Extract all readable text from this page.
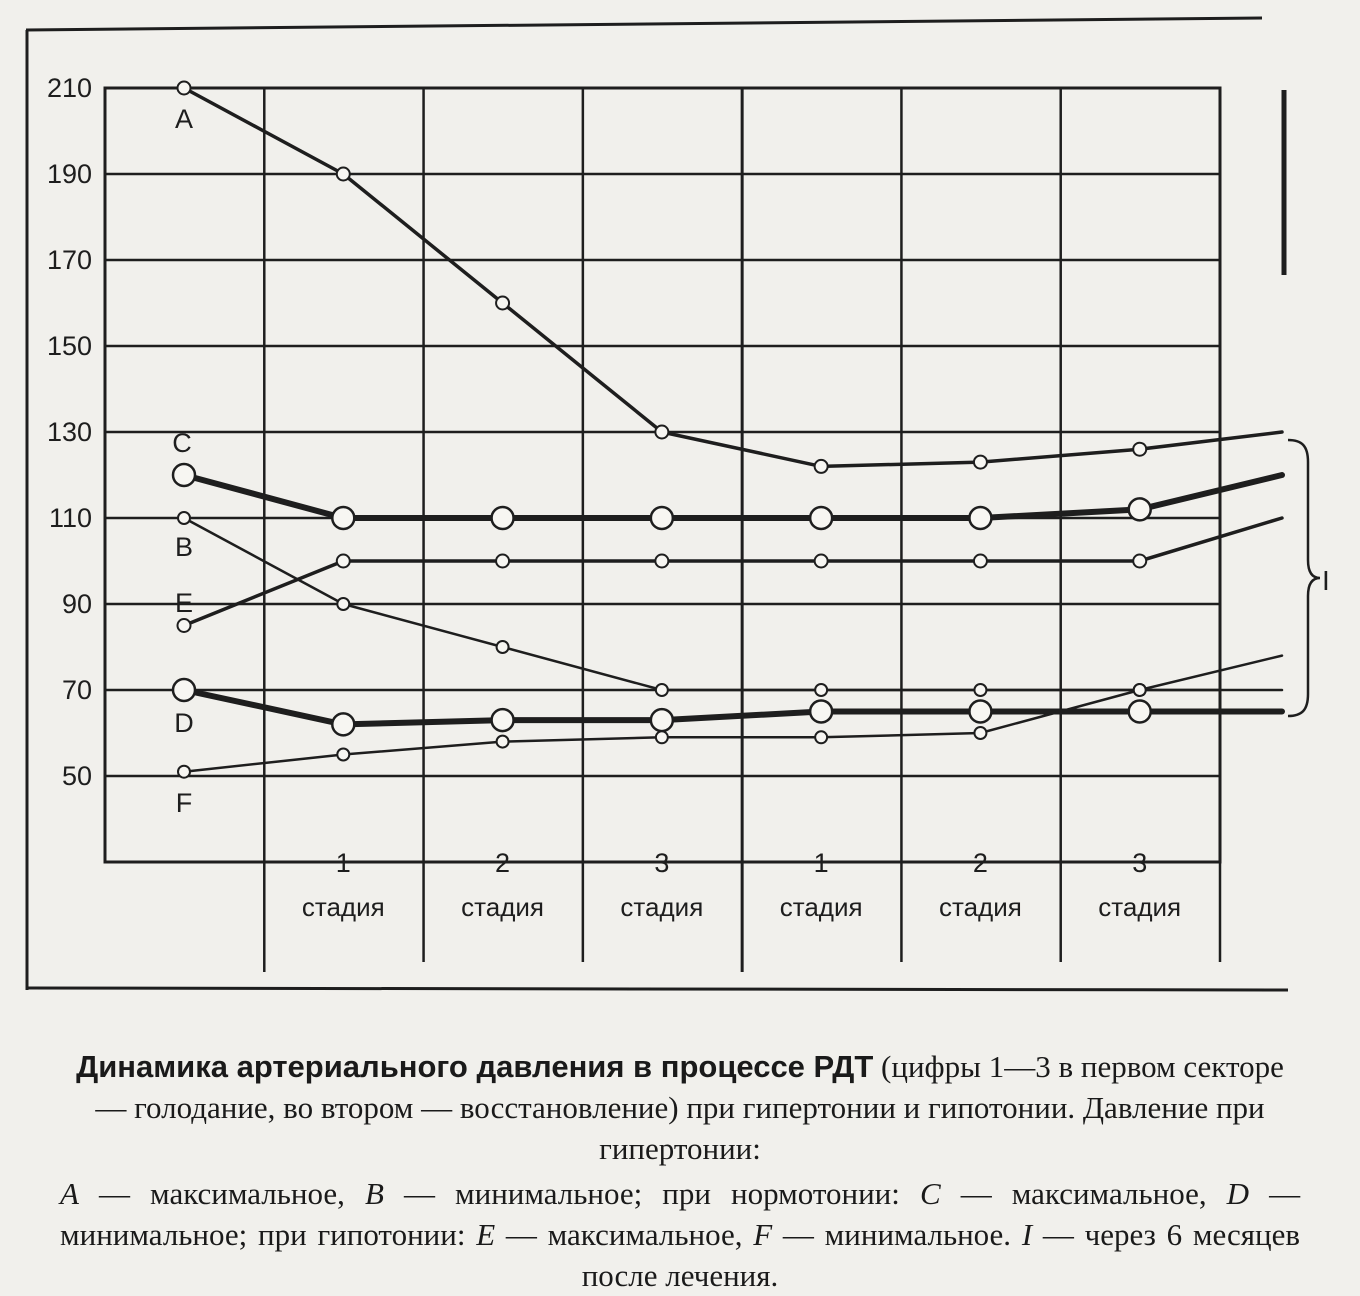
210
190
170
150
130
110
90
70
50
1
стадия
2
стадия
3
стадия
1
стадия
2
стадия
3
стадия
A
C
B
E
D
F
I

Динамика артериального давления в процессе РДТ (цифры 1—3 в первом секторе — голодание, во втором — восстановление) при гипертонии и гипотонии. Давление при гипертонии:

A — максимальное, B — минимальное; при нормотонии: C — максимальное, D — минимальное; при гипотонии: E — максимальное, F — минимальное. I — через 6 месяцев после лечения.
